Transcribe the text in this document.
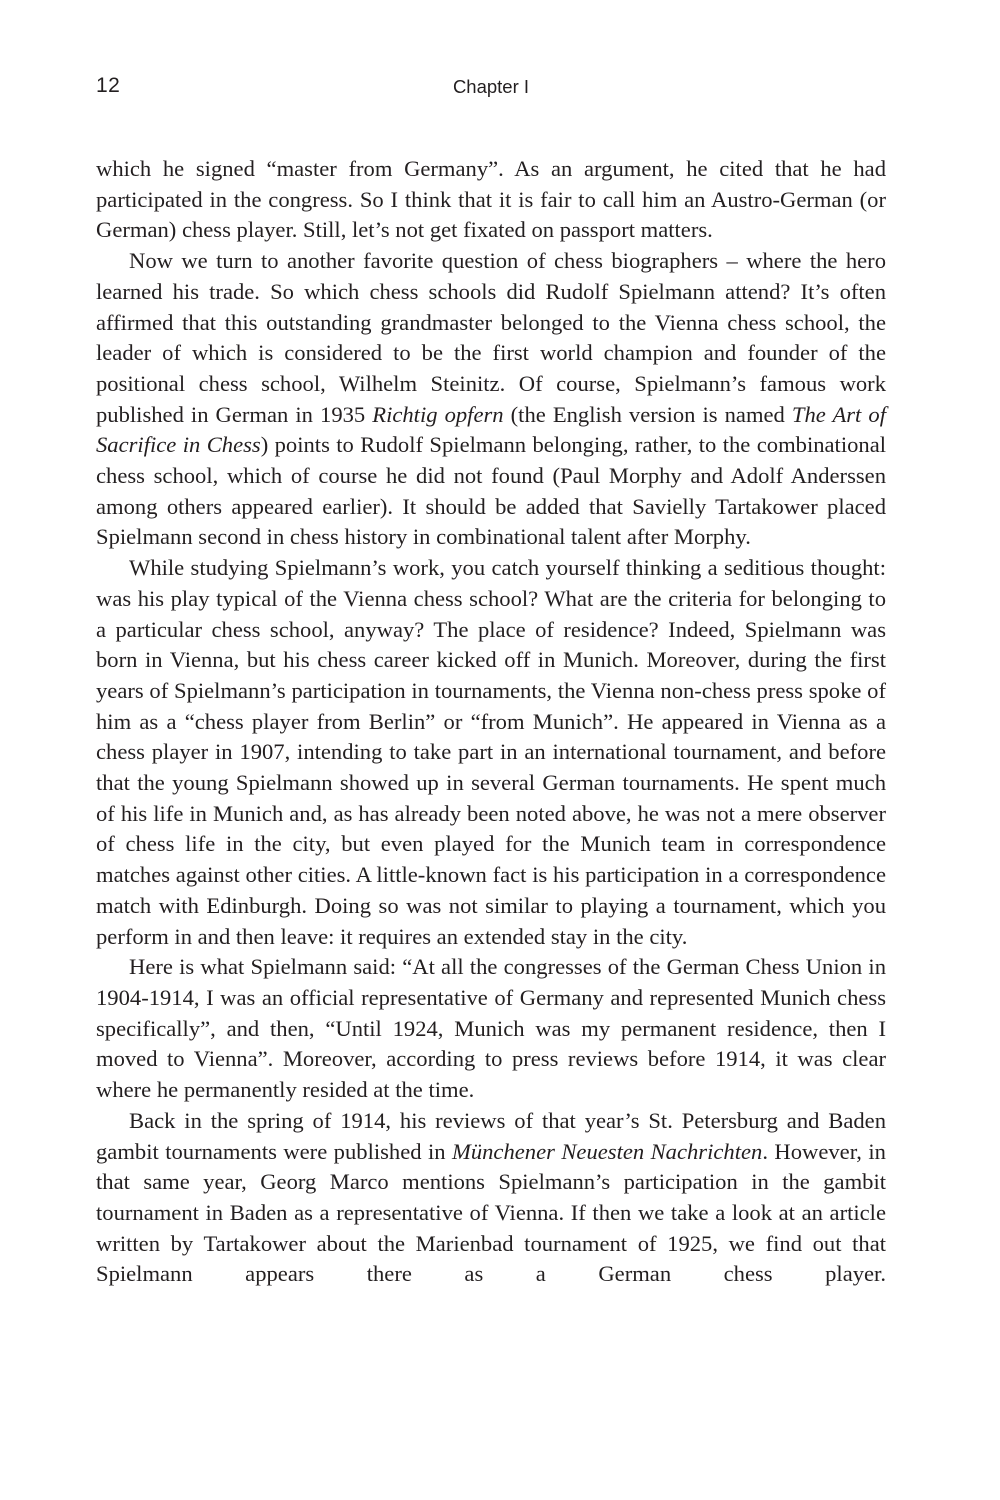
12	Chapter I

which he signed “master from Germany”. As an argument, he cited that he had participated in the congress. So I think that it is fair to call him an Austro-German (or German) chess player. Still, let’s not get fixated on passport matters.

Now we turn to another favorite question of chess biographers – where the hero learned his trade. So which chess schools did Rudolf Spielmann attend? It’s often affirmed that this outstanding grandmaster belonged to the Vienna chess school, the leader of which is considered to be the first world champion and founder of the positional chess school, Wilhelm Steinitz. Of course, Spielmann’s famous work published in German in 1935 Richtig opfern (the English version is named The Art of Sacrifice in Chess) points to Rudolf Spielmann belonging, rather, to the combinational chess school, which of course he did not found (Paul Morphy and Adolf Anderssen among others appeared earlier). It should be added that Savielly Tartakower placed Spielmann second in chess history in combinational talent after Morphy.

While studying Spielmann’s work, you catch yourself thinking a seditious thought: was his play typical of the Vienna chess school? What are the criteria for belonging to a particular chess school, anyway? The place of residence? Indeed, Spielmann was born in Vienna, but his chess career kicked off in Munich. Moreover, during the first years of Spielmann’s participation in tournaments, the Vienna non-chess press spoke of him as a “chess player from Berlin” or “from Munich”. He appeared in Vienna as a chess player in 1907, intending to take part in an international tournament, and before that the young Spielmann showed up in several German tournaments. He spent much of his life in Munich and, as has already been noted above, he was not a mere observer of chess life in the city, but even played for the Munich team in correspondence matches against other cities. A little-known fact is his participation in a correspondence match with Edinburgh. Doing so was not similar to playing a tournament, which you perform in and then leave: it requires an extended stay in the city.

Here is what Spielmann said: “At all the congresses of the German Chess Union in 1904-1914, I was an official representative of Germany and represented Munich chess specifically”, and then, “Until 1924, Munich was my permanent residence, then I moved to Vienna”. Moreover, according to press reviews before 1914, it was clear where he permanently resided at the time.

Back in the spring of 1914, his reviews of that year’s St. Petersburg and Baden gambit tournaments were published in Münchener Neuesten Nachrichten. However, in that same year, Georg Marco mentions Spielmann’s participation in the gambit tournament in Baden as a representative of Vienna. If then we take a look at an article written by Tartakower about the Marienbad tournament of 1925, we find out that Spielmann appears there as a German chess player.
